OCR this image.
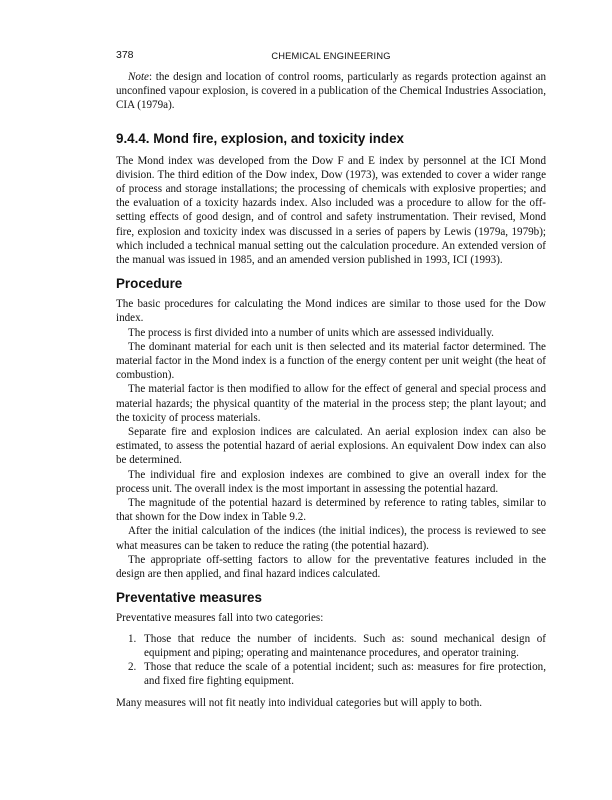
378	CHEMICAL ENGINEERING

Note: the design and location of control rooms, particularly as regards protection against an unconfined vapour explosion, is covered in a publication of the Chemical Industries Association, CIA (1979a).

9.4.4. Mond fire, explosion, and toxicity index

The Mond index was developed from the Dow F and E index by personnel at the ICI Mond division. The third edition of the Dow index, Dow (1973), was extended to cover a wider range of process and storage installations; the processing of chemicals with explosive properties; and the evaluation of a toxicity hazards index. Also included was a procedure to allow for the off-setting effects of good design, and of control and safety instrumentation. Their revised, Mond fire, explosion and toxicity index was discussed in a series of papers by Lewis (1979a, 1979b); which included a technical manual setting out the calculation procedure. An extended version of the manual was issued in 1985, and an amended version published in 1993, ICI (1993).

Procedure

The basic procedures for calculating the Mond indices are similar to those used for the Dow index.

The process is first divided into a number of units which are assessed individually.

The dominant material for each unit is then selected and its material factor determined. The material factor in the Mond index is a function of the energy content per unit weight (the heat of combustion).

The material factor is then modified to allow for the effect of general and special process and material hazards; the physical quantity of the material in the process step; the plant layout; and the toxicity of process materials.

Separate fire and explosion indices are calculated. An aerial explosion index can also be estimated, to assess the potential hazard of aerial explosions. An equivalent Dow index can also be determined.

The individual fire and explosion indexes are combined to give an overall index for the process unit. The overall index is the most important in assessing the potential hazard.

The magnitude of the potential hazard is determined by reference to rating tables, similar to that shown for the Dow index in Table 9.2.

After the initial calculation of the indices (the initial indices), the process is reviewed to see what measures can be taken to reduce the rating (the potential hazard).

The appropriate off-setting factors to allow for the preventative features included in the design are then applied, and final hazard indices calculated.

Preventative measures

Preventative measures fall into two categories:

1. Those that reduce the number of incidents. Such as: sound mechanical design of equipment and piping; operating and maintenance procedures, and operator training.
2. Those that reduce the scale of a potential incident; such as: measures for fire protection, and fixed fire fighting equipment.

Many measures will not fit neatly into individual categories but will apply to both.
